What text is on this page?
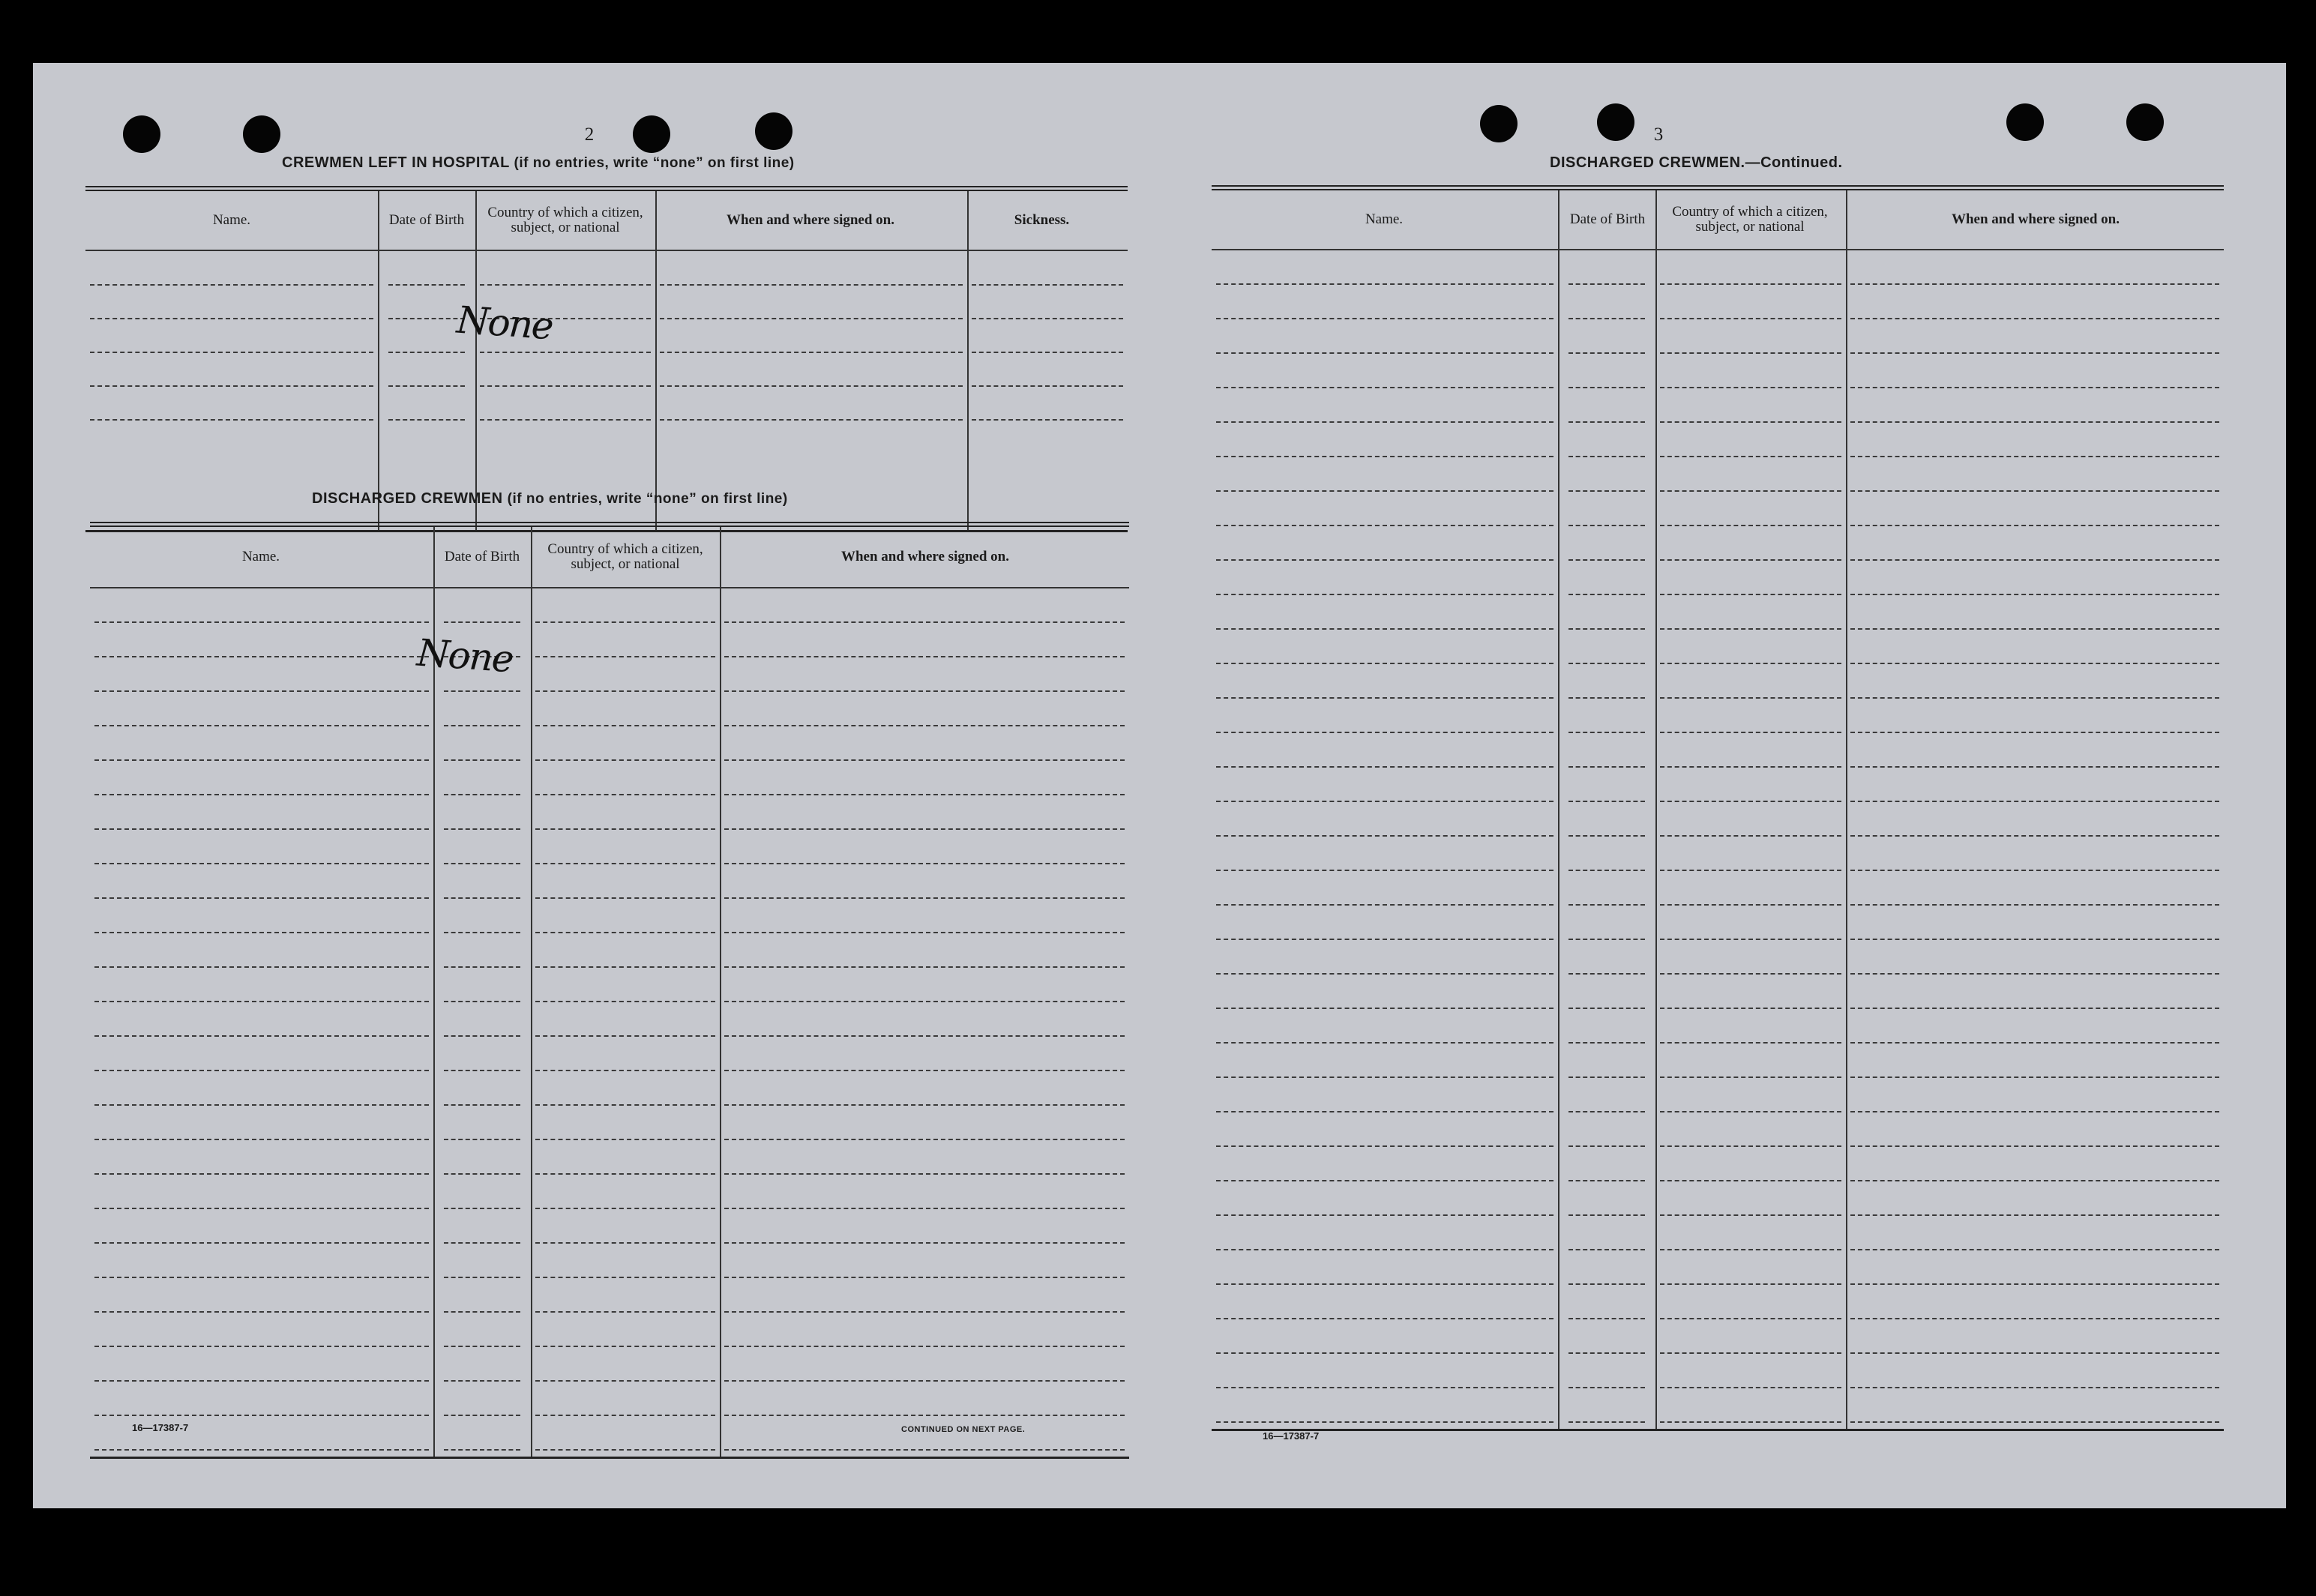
2
CREWMEN LEFT IN HOSPITAL (if no entries, write “none” on first line)
Name.	Date of Birth	Country of which a citizen, subject, or national	When and where signed on.	Sickness.
None
DISCHARGED CREWMEN (if no entries, write “none” on first line)
Name.	Date of Birth	Country of which a citizen, subject, or national	When and where signed on.
None
16—17387-7	CONTINUED ON NEXT PAGE.
3
DISCHARGED CREWMEN.—Continued.
Name.	Date of Birth	Country of which a citizen, subject, or national	When and where signed on.
16—17387-7
